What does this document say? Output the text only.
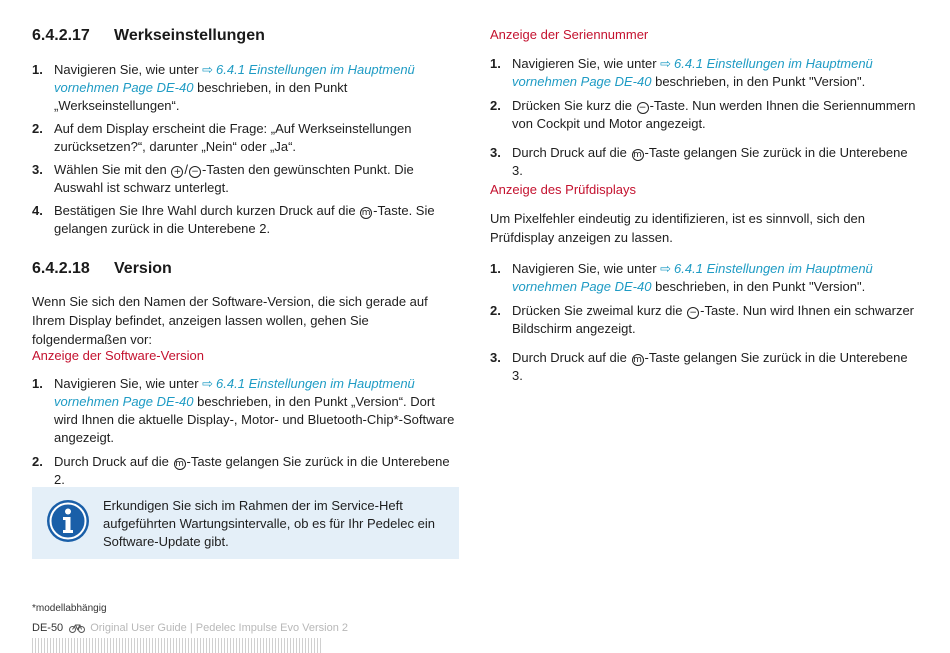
6.4.2.17	Werkseinstellungen
1. Navigieren Sie, wie unter ⇨ 6.4.1 Einstellungen im Hauptmenü vornehmen Page DE-40 beschrieben, in den Punkt „Werkseinstellungen“.
2. Auf dem Display erscheint die Frage: „Auf Werkseinstellungen zurücksetzen?“, darunter „Nein“ oder „Ja“.
3. Wählen Sie mit den + / − -Tasten den gewünschten Punkt. Die Auswahl ist schwarz unterlegt.
4. Bestätigen Sie Ihre Wahl durch kurzen Druck auf die m -Taste. Sie gelangen zurück in die Unterebene 2.
6.4.2.18	Version
Wenn Sie sich den Namen der Software-Version, die sich gerade auf Ihrem Display befindet, anzeigen lassen wollen, gehen Sie folgendermaßen vor:
Anzeige der Software-Version
1. Navigieren Sie, wie unter ⇨ 6.4.1 Einstellungen im Hauptmenü vornehmen Page DE-40 beschrieben, in den Punkt „Version“. Dort wird Ihnen die aktuelle Display-, Motor- und Bluetooth-Chip*-Software angezeigt.
2. Durch Druck auf die m -Taste gelangen Sie zurück in die Unterebene 2.
Erkundigen Sie sich im Rahmen der im Service-Heft aufgeführten Wartungsintervalle, ob es für Ihr Pedelec ein Software-Update gibt.
Anzeige der Seriennummer
1. Navigieren Sie, wie unter ⇨ 6.4.1 Einstellungen im Hauptmenü vornehmen Page DE-40 beschrieben, in den Punkt "Version".
2. Drücken Sie kurz die − -Taste. Nun werden Ihnen die Seriennummern von Cockpit und Motor angezeigt.
3. Durch Druck auf die m -Taste gelangen Sie zurück in die Unterebene 3.
Anzeige des Prüfdisplays
Um Pixelfehler eindeutig zu identifizieren, ist es sinnvoll, sich den Prüfdisplay anzeigen zu lassen.
1. Navigieren Sie, wie unter ⇨ 6.4.1 Einstellungen im Hauptmenü vornehmen Page DE-40 beschrieben, in den Punkt "Version".
2. Drücken Sie zweimal kurz die − -Taste. Nun wird Ihnen ein schwarzer Bildschirm angezeigt.
3. Durch Druck auf die m -Taste gelangen Sie zurück in die Unterebene 3.
*modellabhängig
DE-50 Original User Guide | Pedelec Impulse Evo Version 2
